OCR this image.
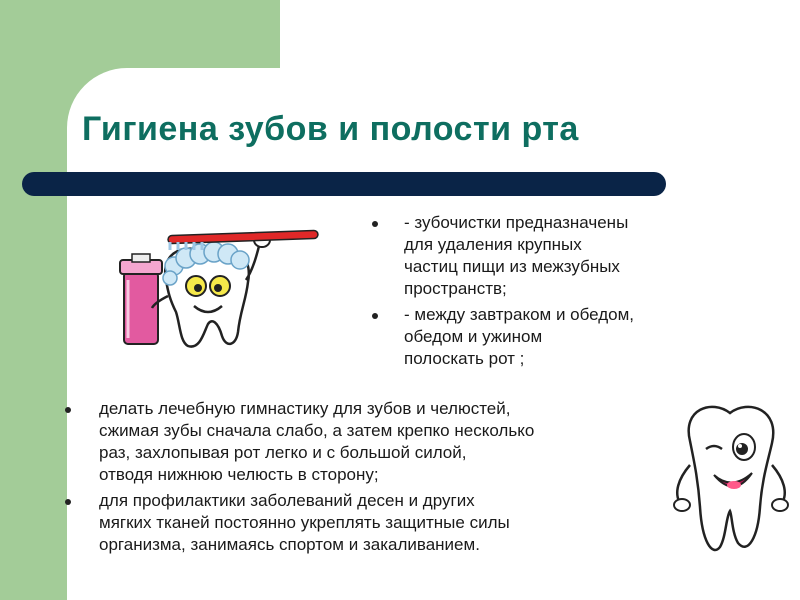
Гигиена зубов и полости рта
- зубочистки предназначены
для удаления крупных
частиц пищи из межзубных
пространств;
- между завтраком и обедом,
обедом и ужином
полоскать рот ;
делать лечебную гимнастику для зубов и челюстей,
сжимая зубы сначала слабо, а затем крепко несколько
раз, захлопывая рот легко и с большой силой,
отводя нижнюю челюсть в сторону;
для профилактики заболеваний десен и других
мягких тканей постоянно укреплять защитные силы
организма, занимаясь спортом и закаливанием.
